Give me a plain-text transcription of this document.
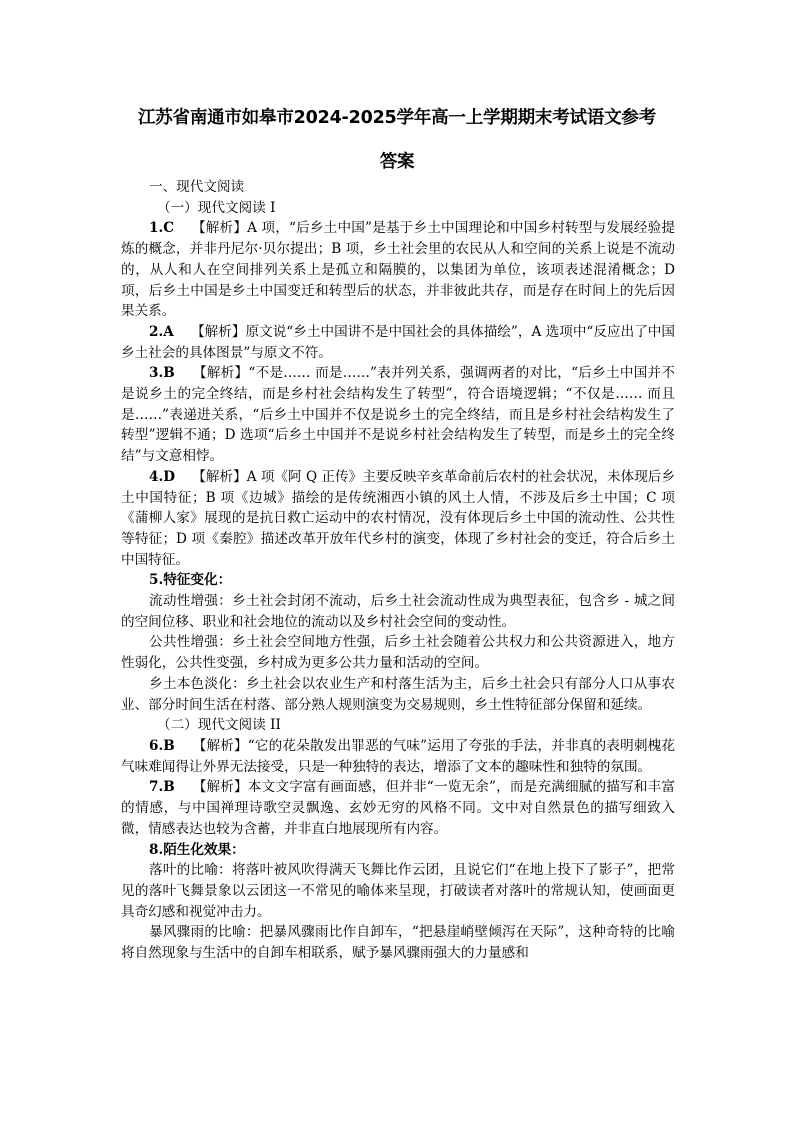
江苏省南通市如皋市2024-2025学年高一上学期期末考试语文参考
答案

一、现代文阅读

（一）现代文阅读 I

1.C 【解析】A 项，“后乡土中国”是基于乡土中国理论和中国乡村转型与发展经验提炼的概念，并非丹尼尔·贝尔提出；B 项，乡土社会里的农民从人和空间的关系上说是不流动的，从人和人在空间排列关系上是孤立和隔膜的，以集团为单位，该项表述混淆概念；D 项，后乡土中国是乡土中国变迁和转型后的状态，并非彼此共存，而是存在时间上的先后因果关系。

2.A 【解析】原文说“乡土中国讲不是中国社会的具体描绘”，A 选项中“反应出了中国乡土社会的具体图景”与原文不符。

3.B 【解析】“不是…… 而是……”表并列关系，强调两者的对比，“后乡土中国并不是说乡土的完全终结，而是乡村社会结构发生了转型”，符合语境逻辑；“不仅是…… 而且是……”表递进关系，“后乡土中国并不仅是说乡土的完全终结，而且是乡村社会结构发生了转型”逻辑不通；D 选项“后乡土中国并不是说乡村社会结构发生了转型，而是乡土的完全终结”与文意相悖。

4.D 【解析】A 项《阿 Q 正传》主要反映辛亥革命前后农村的社会状况，未体现后乡土中国特征；B 项《边城》描绘的是传统湘西小镇的风土人情，不涉及后乡土中国；C 项《蒲柳人家》展现的是抗日救亡运动中的农村情况，没有体现后乡土中国的流动性、公共性等特征；D 项《秦腔》描述改革开放年代乡村的演变，体现了乡村社会的变迁，符合后乡土中国特征。

5.特征变化：

流动性增强：乡土社会封闭不流动，后乡土社会流动性成为典型表征，包含乡 - 城之间的空间位移、职业和社会地位的流动以及乡村社会空间的变动性。

公共性增强：乡土社会空间地方性强，后乡土社会随着公共权力和公共资源进入，地方性弱化，公共性变强，乡村成为更多公共力量和活动的空间。

乡土本色淡化：乡土社会以农业生产和村落生活为主，后乡土社会只有部分人口从事农业、部分时间生活在村落、部分熟人规则演变为交易规则，乡土性特征部分保留和延续。

（二）现代文阅读 II

6.B 【解析】“它的花朵散发出罪恶的气味”运用了夸张的手法，并非真的表明刺槐花气味难闻得让外界无法接受，只是一种独特的表达，增添了文本的趣味性和独特的氛围。

7.B 【解析】本文文字富有画面感，但并非“一览无余”，而是充满细腻的描写和丰富的情感，与中国禅理诗歌空灵飘逸、玄妙无穷的风格不同。文中对自然景色的描写细致入微，情感表达也较为含蓄，并非直白地展现所有内容。

8.陌生化效果：

落叶的比喻：将落叶被风吹得满天飞舞比作云团，且说它们“在地上投下了影子”，把常见的落叶飞舞景象以云团这一不常见的喻体来呈现，打破读者对落叶的常规认知，使画面更具奇幻感和视觉冲击力。

暴风骤雨的比喻：把暴风骤雨比作自卸车，“把悬崖峭壁倾泻在天际”，这种奇特的比喻将自然现象与生活中的自卸车相联系，赋予暴风骤雨强大的力量感和
